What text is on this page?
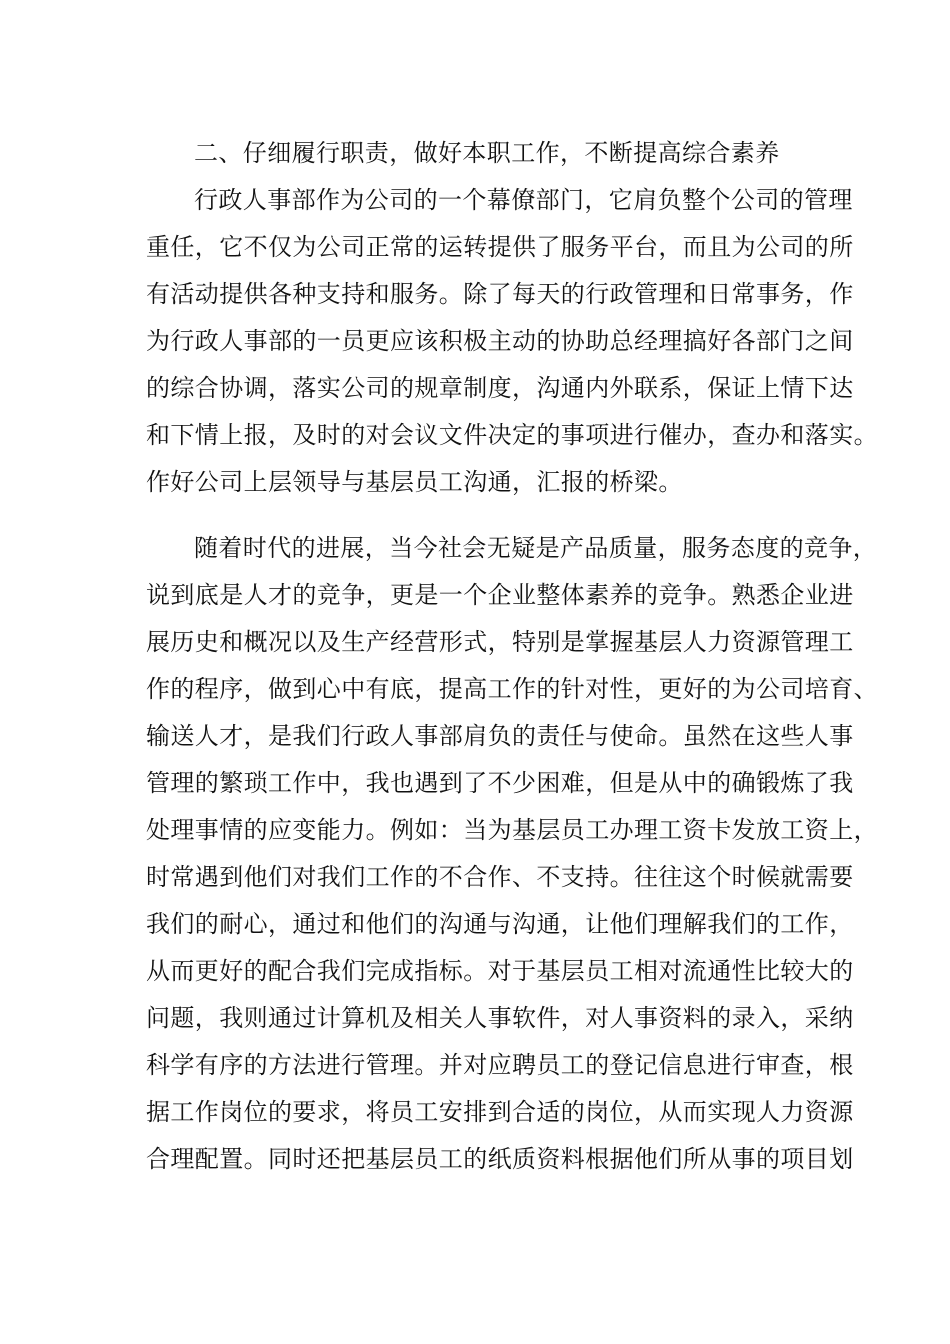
二、仔细履行职责，做好本职工作，不断提高综合素养
行政人事部作为公司的一个幕僚部门，它肩负整个公司的管理
重任，它不仅为公司正常的运转提供了服务平台，而且为公司的所
有活动提供各种支持和服务。除了每天的行政管理和日常事务，作
为行政人事部的一员更应该积极主动的协助总经理搞好各部门之间
的综合协调，落实公司的规章制度，沟通内外联系，保证上情下达
和下情上报，及时的对会议文件决定的事项进行催办，查办和落实。
作好公司上层领导与基层员工沟通，汇报的桥梁。
随着时代的进展，当今社会无疑是产品质量，服务态度的竞争，
说到底是人才的竞争，更是一个企业整体素养的竞争。熟悉企业进
展历史和概况以及生产经营形式，特别是掌握基层人力资源管理工
作的程序，做到心中有底，提高工作的针对性，更好的为公司培育、
输送人才，是我们行政人事部肩负的责任与使命。虽然在这些人事
管理的繁琐工作中，我也遇到了不少困难，但是从中的确锻炼了我
处理事情的应变能力。例如：当为基层员工办理工资卡发放工资上，
时常遇到他们对我们工作的不合作、不支持。往往这个时候就需要
我们的耐心，通过和他们的沟通与沟通，让他们理解我们的工作，
从而更好的配合我们完成指标。对于基层员工相对流通性比较大的
问题，我则通过计算机及相关人事软件，对人事资料的录入，采纳
科学有序的方法进行管理。并对应聘员工的登记信息进行审查，根
据工作岗位的要求，将员工安排到合适的岗位，从而实现人力资源
合理配置。同时还把基层员工的纸质资料根据他们所从事的项目划
